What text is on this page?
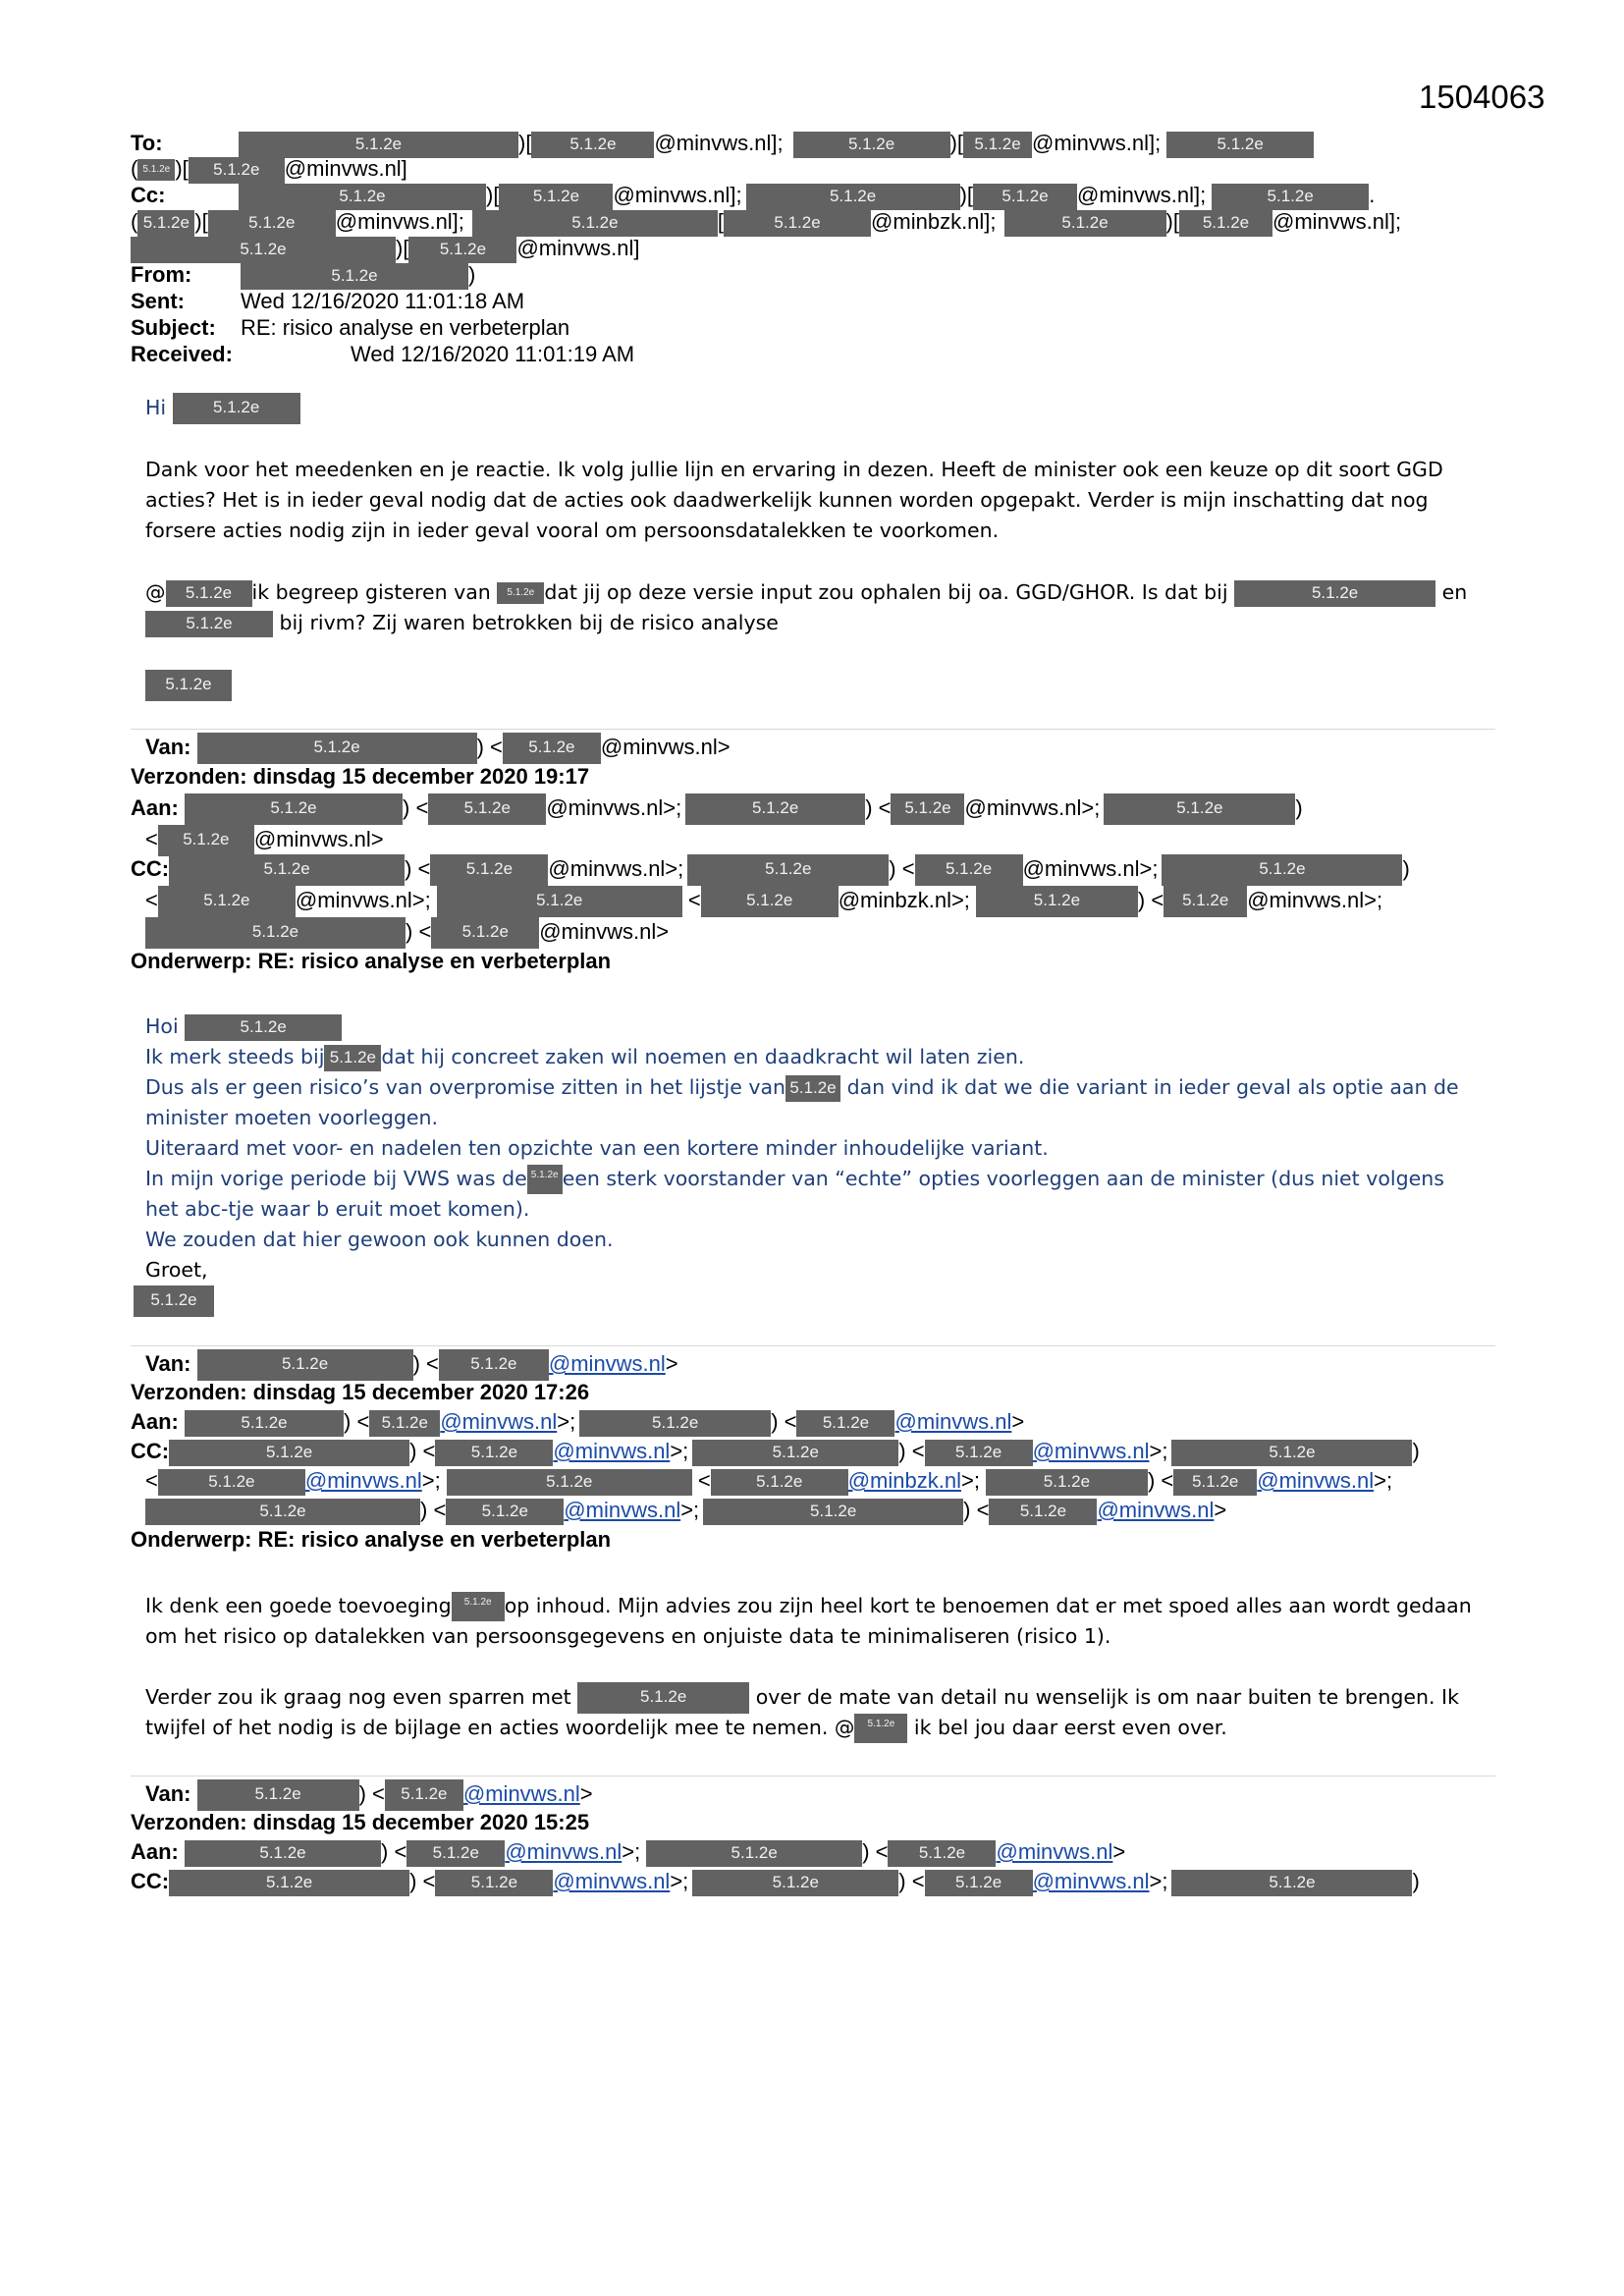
1504063
To:	5.1.2e	)[ 5.1.2e @minvws.nl];	5.1.2e	)[ 5.1.2e @minvws.nl];	5.1.2e
( 5.1.2e )[ 5.1.2e @minvws.nl]
Cc:	5.1.2e	)[ 5.1.2e @minvws.nl];	5.1.2e	)[ 5.1.2e @minvws.nl];	5.1.2e	.
( 5.1.2e )[ 5.1.2e @minvws.nl];	5.1.2e	[	5.1.2e @minbzk.nl];	5.1.2e	)[ 5.1.2e @minvws.nl];
5.1.2e	)[ 5.1.2e @minvws.nl]
From:	5.1.2e	)
Sent:	Wed 12/16/2020 11:01:18 AM
Subject: RE: risico analyse en verbeterplan
Received:	Wed 12/16/2020 11:01:19 AM
Hi	5.1.2e
Dank voor het meedenken en je reactie. Ik volg jullie lijn en ervaring in dezen. Heeft de minister ook een keuze op dit soort GGD acties? Het is in ieder geval nodig dat de acties ook daadwerkelijk kunnen worden opgepakt. Verder is mijn inschatting dat nog forsere acties nodig zijn in ieder geval vooral om persoonsdatalekken te voorkomen.
@ 5.1.2e ik begreep gisteren van 5.1.2e dat jij op deze versie input zou ophalen bij oa. GGD/GHOR. Is dat bij	5.1.2e	en
5.1.2e bij rivm? Zij waren betrokken bij de risico analyse
5.1.2e
Van:	5.1.2e	) < 5.1.2e @minvws.nl>
Verzonden: dinsdag 15 december 2020 19:17
Aan:	5.1.2e	) < 5.1.2e @minvws.nl>;	5.1.2e	) < 5.1.2e @minvws.nl>;	5.1.2e	)
< 5.1.2e @minvws.nl>
CC:	5.1.2e	) < 5.1.2e @minvws.nl>;	5.1.2e	) < 5.1.2e @minvws.nl>;	5.1.2e	)
<	5.1.2e @minvws.nl>;	5.1.2e	<	5.1.2e @minbzk.nl>;	5.1.2e	) < 5.1.2e @minvws.nl>;
5.1.2e	) < 5.1.2e @minvws.nl>
Onderwerp: RE: risico analyse en verbeterplan
Hoi	5.1.2e
Ik merk steeds bij 5.1.2e dat hij concreet zaken wil noemen en daadkracht wil laten zien.
Dus als er geen risico’s van overpromise zitten in het lijstje van 5.1.2e dan vind ik dat we die variant in ieder geval als optie aan de
minister moeten voorleggen.
Uiteraard met voor- en nadelen ten opzichte van een kortere minder inhoudelijke variant.
In mijn vorige periode bij VWS was de 5.1.2e een sterk voorstander van “echte” opties voorleggen aan de minister (dus niet volgens
het abc-tje waar b eruit moet komen).
We zouden dat hier gewoon ook kunnen doen.
Groet,
5.1.2e
Van:	5.1.2e	) < 5.1.2e @minvws.nl>
Verzonden: dinsdag 15 december 2020 17:26
Aan:	5.1.2e	) < 5.1.2e @minvws.nl>;	5.1.2e	) < 5.1.2e @minvws.nl>
CC:	5.1.2e	) < 5.1.2e @minvws.nl>;	5.1.2e	) < 5.1.2e @minvws.nl>;	5.1.2e	)
<	5.1.2e @minvws.nl>;	5.1.2e	<	5.1.2e @minbzk.nl>;	5.1.2e	) < 5.1.2e @minvws.nl>;
5.1.2e	) < 5.1.2e @minvws.nl>;	5.1.2e	) < 5.1.2e @minvws.nl>
Onderwerp: RE: risico analyse en verbeterplan
Ik denk een goede toevoeging 5.1.2e op inhoud. Mijn advies zou zijn heel kort te benoemen dat er met spoed alles aan wordt gedaan
om het risico op datalekken van persoonsgegevens en onjuiste data te minimaliseren (risico 1).
Verder zou ik graag nog even sparren met	5.1.2e	over de mate van detail nu wenselijk is om naar buiten te brengen. Ik
twijfel of het nodig is de bijlage en acties woordelijk mee te nemen. @ 5.1.2e ik bel jou daar eerst even over.
Van:	5.1.2e	) < 5.1.2e @minvws.nl>
Verzonden: dinsdag 15 december 2020 15:25
Aan:	5.1.2e	) < 5.1.2e @minvws.nl>;	5.1.2e	) < 5.1.2e @minvws.nl>
CC:	5.1.2e	) < 5.1.2e @minvws.nl>;	5.1.2e	) < 5.1.2e @minvws.nl>;	5.1.2e	)
